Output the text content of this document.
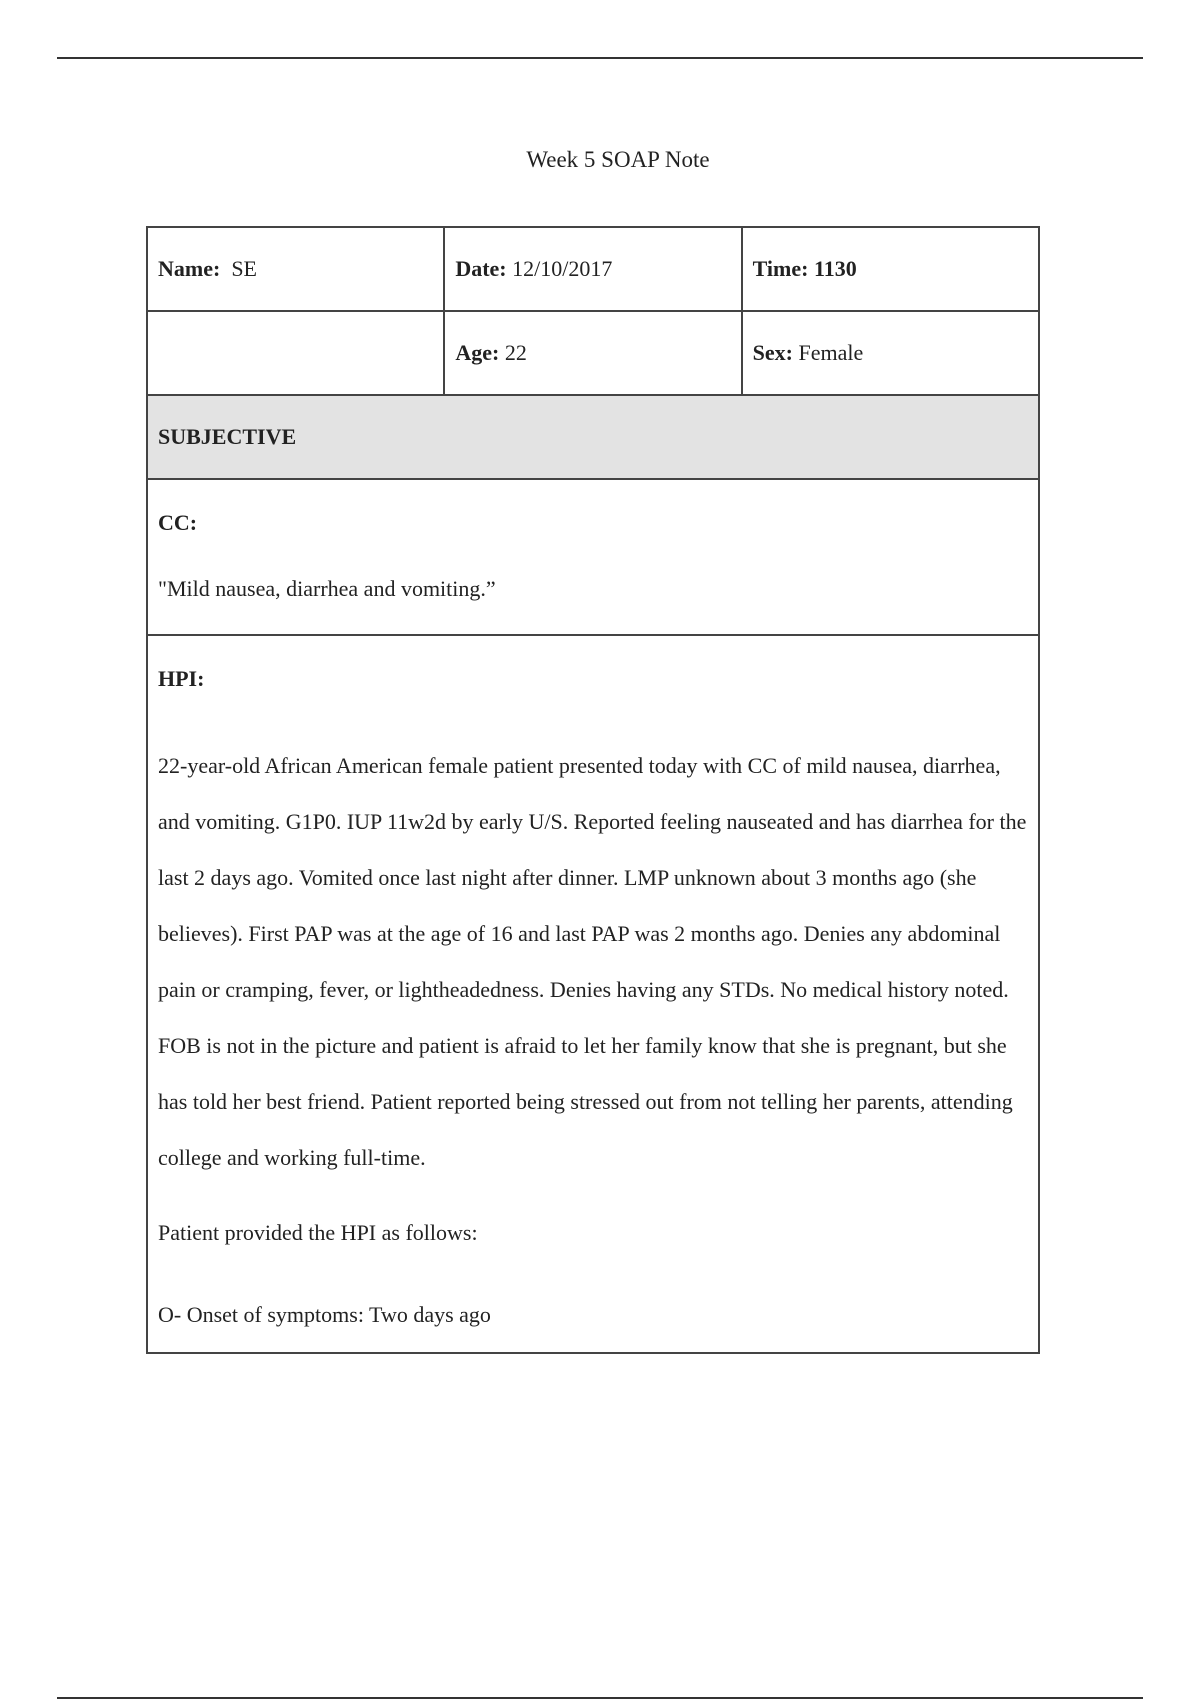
Week 5 SOAP Note
Name: SE	Date: 12/10/2017	Time: 1130
	Age: 22	Sex: Female
SUBJECTIVE		

CC:

"Mild nausea, diarrhea and vomiting.”		

HPI:

22-year-old African American female patient presented today with CC of mild nausea, diarrhea, and vomiting. G1P0. IUP 11w2d by early U/S. Reported feeling nauseated and has diarrhea for the last 2 days ago. Vomited once last night after dinner. LMP unknown about 3 months ago (she believes). First PAP was at the age of 16 and last PAP was 2 months ago. Denies any abdominal pain or cramping, fever, or lightheadedness. Denies having any STDs. No medical history noted. FOB is not in the picture and patient is afraid to let her family know that she is pregnant, but she has told her best friend. Patient reported being stressed out from not telling her parents, attending college and working full-time.

Patient provided the HPI as follows:

O- Onset of symptoms: Two days ago		
